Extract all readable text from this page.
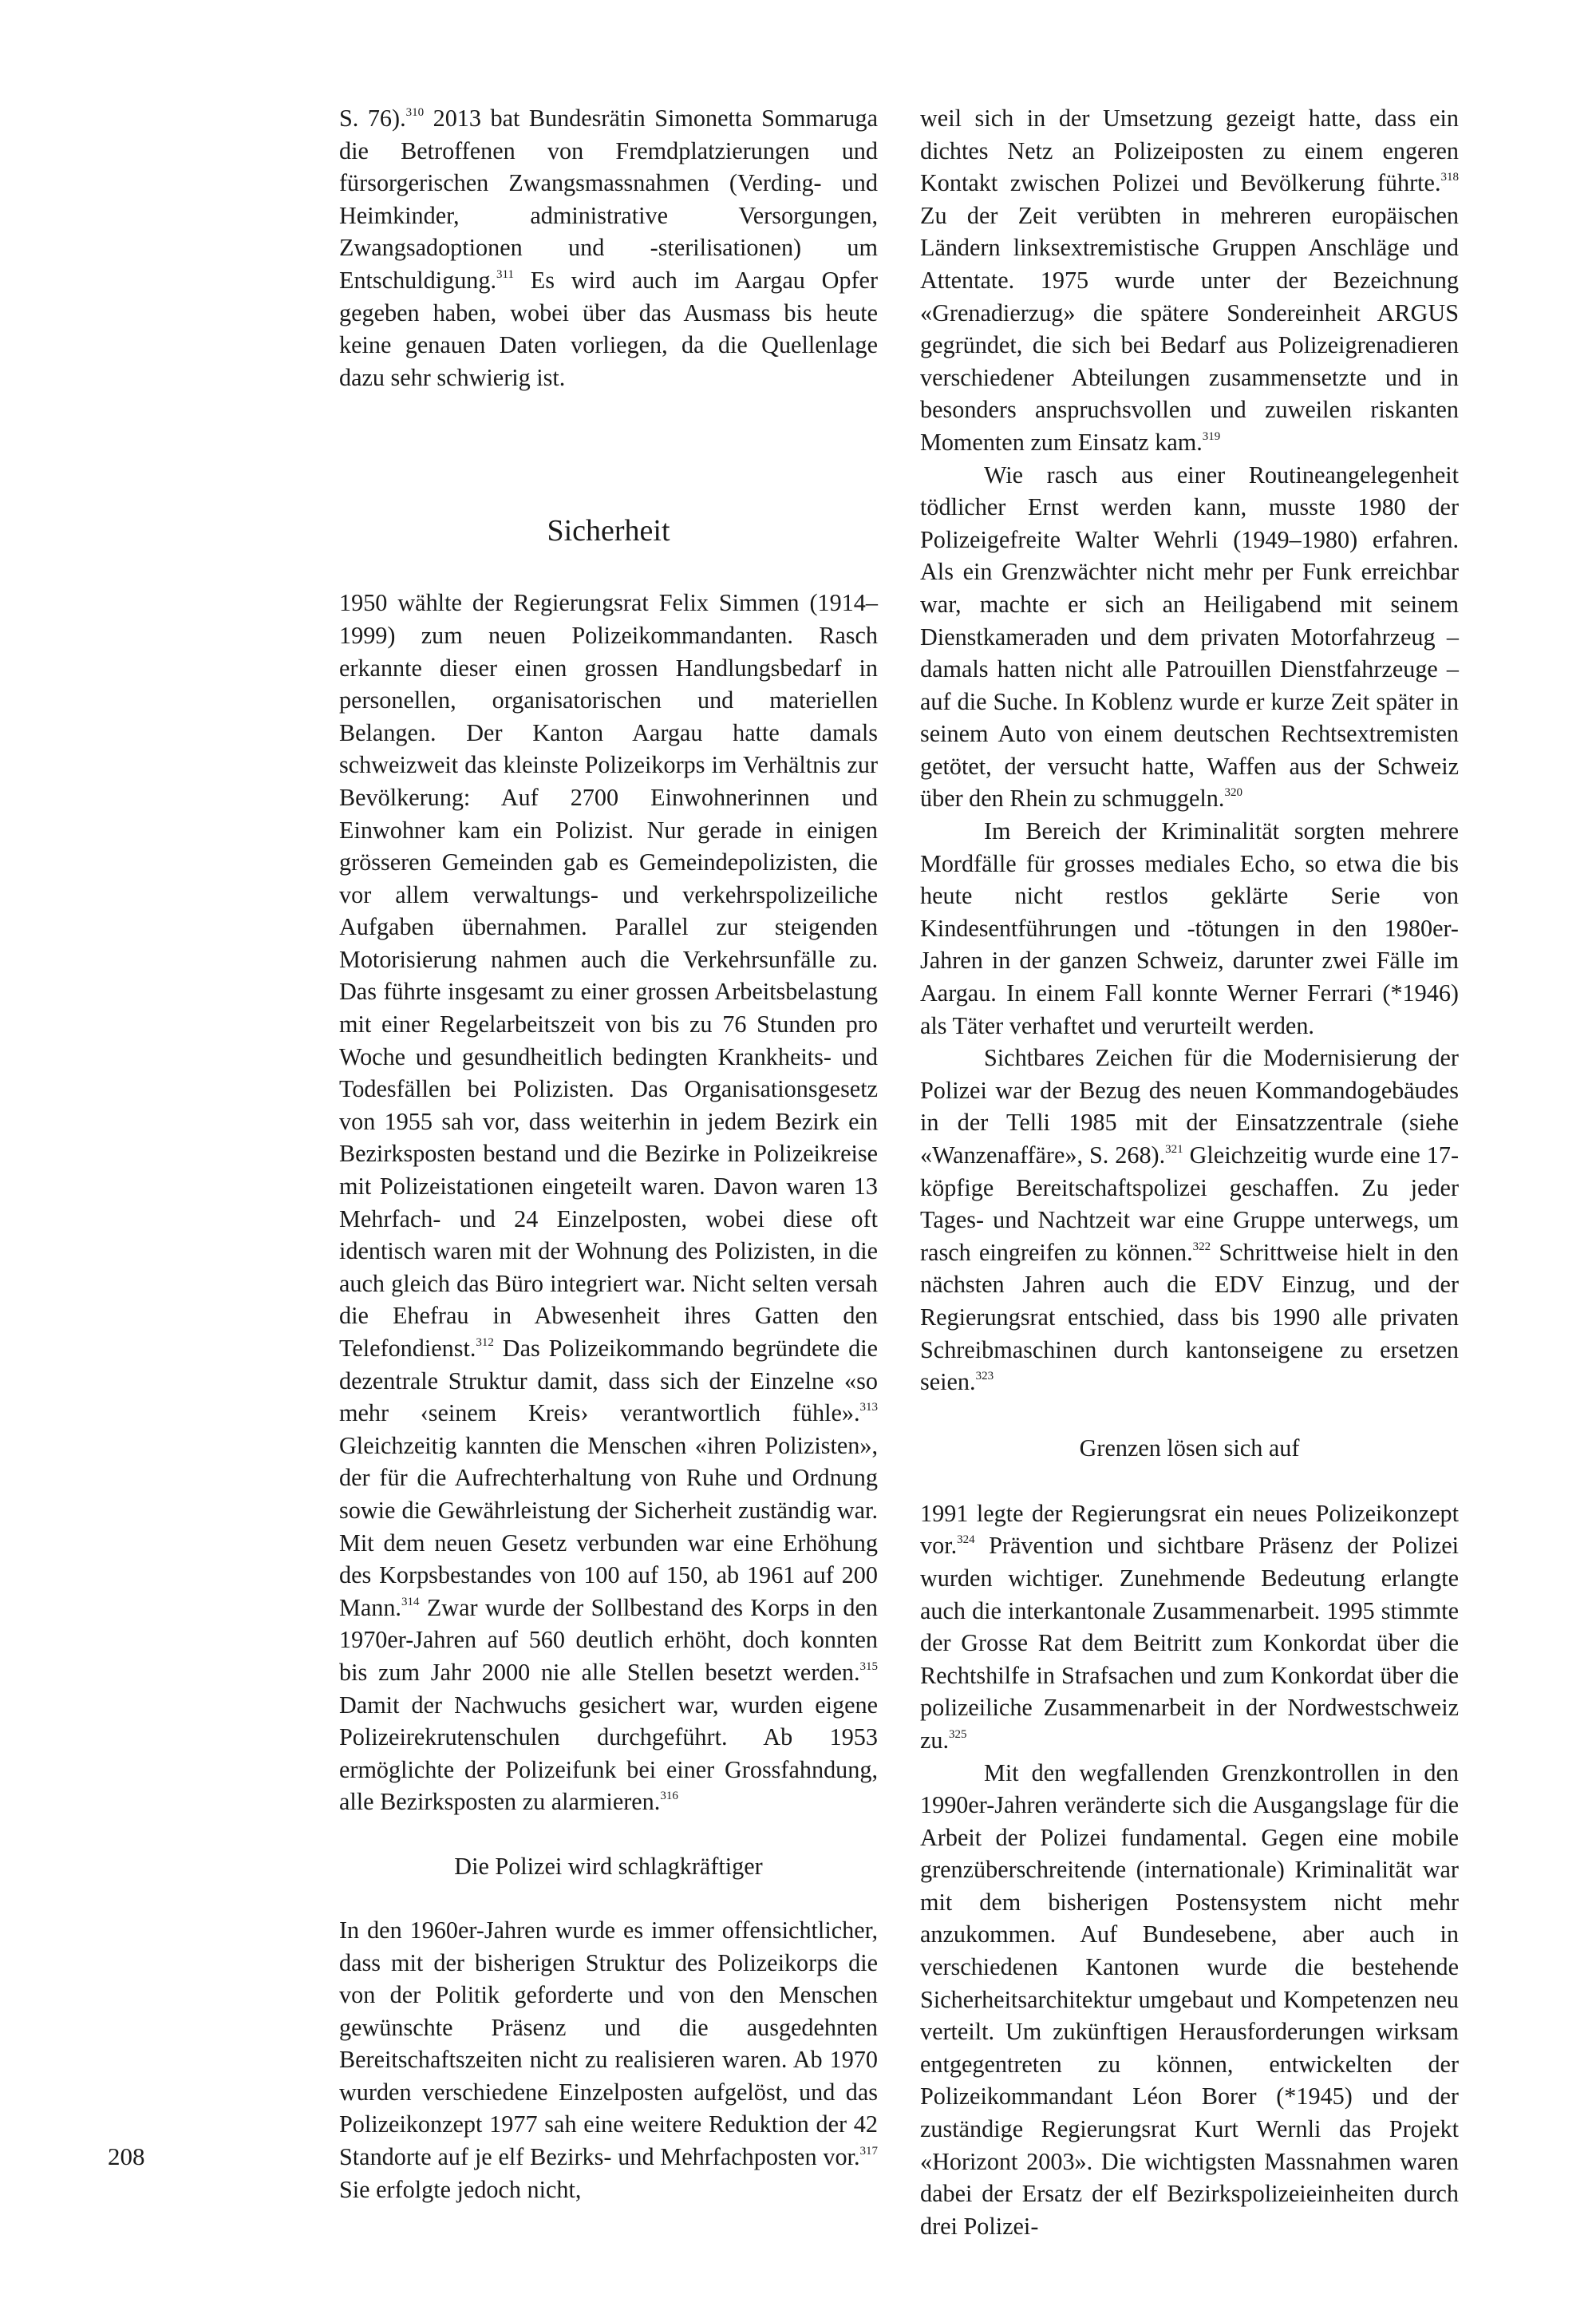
S. 76).$^{310}$ 2013 bat Bundesrätin Simonetta Sommaruga die Betroffenen von Fremdplatzierungen und fürsorgerischen Zwangsmassnahmen (Verding- und Heimkinder, administrative Versorgungen, Zwangsadoptionen und -sterilisationen) um Entschuldigung.$^{311}$ Es wird auch im Aargau Opfer gegeben haben, wobei über das Ausmass bis heute keine genauen Daten vorliegen, da die Quellenlage dazu sehr schwierig ist.

Sicherheit

1950 wählte der Regierungsrat Felix Simmen (1914–1999) zum neuen Polizeikommandanten. Rasch erkannte dieser einen grossen Handlungsbedarf in personellen, organisatorischen und materiellen Belangen. Der Kanton Aargau hatte damals schweizweit das kleinste Polizeikorps im Verhältnis zur Bevölkerung: Auf 2700 Einwohnerinnen und Einwohner kam ein Polizist. Nur gerade in einigen grösseren Gemeinden gab es Gemeindepolizisten, die vor allem verwaltungs- und verkehrspolizeiliche Aufgaben übernahmen. Parallel zur steigenden Motorisierung nahmen auch die Verkehrsunfälle zu. Das führte insgesamt zu einer grossen Arbeitsbelastung mit einer Regelarbeitszeit von bis zu 76 Stunden pro Woche und gesundheitlich bedingten Krankheits- und Todesfällen bei Polizisten. Das Organisationsgesetz von 1955 sah vor, dass weiterhin in jedem Bezirk ein Bezirksposten bestand und die Bezirke in Polizeikreise mit Polizeistationen eingeteilt waren. Davon waren 13 Mehrfach- und 24 Einzelposten, wobei diese oft identisch waren mit der Wohnung des Polizisten, in die auch gleich das Büro integriert war. Nicht selten versah die Ehefrau in Abwesenheit ihres Gatten den Telefondienst.$^{312}$ Das Polizeikommando begründete die dezentrale Struktur damit, dass sich der Einzelne «so mehr ‹seinem Kreis› verantwortlich fühle».$^{313}$ Gleichzeitig kannten die Menschen «ihren Polizisten», der für die Aufrechterhaltung von Ruhe und Ordnung sowie die Gewährleistung der Sicherheit zuständig war. Mit dem neuen Gesetz verbunden war eine Erhöhung des Korpsbestandes von 100 auf 150, ab 1961 auf 200 Mann.$^{314}$ Zwar wurde der Sollbestand des Korps in den 1970er-Jahren auf 560 deutlich erhöht, doch konnten bis zum Jahr 2000 nie alle Stellen besetzt werden.$^{315}$ Damit der Nachwuchs gesichert war, wurden eigene Polizeirekrutenschulen durchgeführt. Ab 1953 ermöglichte der Polizeifunk bei einer Grossfahndung, alle Bezirksposten zu alarmieren.$^{316}$

Die Polizei wird schlagkräftiger

In den 1960er-Jahren wurde es immer offensichtlicher, dass mit der bisherigen Struktur des Polizeikorps die von der Politik geforderte und von den Menschen gewünschte Präsenz und die ausgedehnten Bereitschaftszeiten nicht zu realisieren waren. Ab 1970 wurden verschiedene Einzelposten aufgelöst, und das Polizeikonzept 1977 sah eine weitere Reduktion der 42 Standorte auf je elf Bezirks- und Mehrfachposten vor.$^{317}$ Sie erfolgte jedoch nicht,

weil sich in der Umsetzung gezeigt hatte, dass ein dichtes Netz an Polizeiposten zu einem engeren Kontakt zwischen Polizei und Bevölkerung führte.$^{318}$ Zu der Zeit verübten in mehreren europäischen Ländern linksextremistische Gruppen Anschläge und Attentate. 1975 wurde unter der Bezeichnung «Grenadierzug» die spätere Sondereinheit ARGUS gegründet, die sich bei Bedarf aus Polizeigrenadieren verschiedener Abteilungen zusammensetzte und in besonders anspruchsvollen und zuweilen riskanten Momenten zum Einsatz kam.$^{319}$

Wie rasch aus einer Routineangelegenheit tödlicher Ernst werden kann, musste 1980 der Polizeigefreite Walter Wehrli (1949–1980) erfahren. Als ein Grenzwächter nicht mehr per Funk erreichbar war, machte er sich an Heiligabend mit seinem Dienstkameraden und dem privaten Motorfahrzeug – damals hatten nicht alle Patrouillen Dienstfahrzeuge – auf die Suche. In Koblenz wurde er kurze Zeit später in seinem Auto von einem deutschen Rechtsextremisten getötet, der versucht hatte, Waffen aus der Schweiz über den Rhein zu schmuggeln.$^{320}$

Im Bereich der Kriminalität sorgten mehrere Mordfälle für grosses mediales Echo, so etwa die bis heute nicht restlos geklärte Serie von Kindesentführungen und -tötungen in den 1980er-Jahren in der ganzen Schweiz, darunter zwei Fälle im Aargau. In einem Fall konnte Werner Ferrari (*1946) als Täter verhaftet und verurteilt werden.

Sichtbares Zeichen für die Modernisierung der Polizei war der Bezug des neuen Kommandogebäudes in der Telli 1985 mit der Einsatzzentrale (siehe «Wanzenaffäre», S. 268).$^{321}$ Gleichzeitig wurde eine 17-köpfige Bereitschaftspolizei geschaffen. Zu jeder Tages- und Nachtzeit war eine Gruppe unterwegs, um rasch eingreifen zu können.$^{322}$ Schrittweise hielt in den nächsten Jahren auch die EDV Einzug, und der Regierungsrat entschied, dass bis 1990 alle privaten Schreibmaschinen durch kantonseigene zu ersetzen seien.$^{323}$

Grenzen lösen sich auf

1991 legte der Regierungsrat ein neues Polizeikonzept vor.$^{324}$ Prävention und sichtbare Präsenz der Polizei wurden wichtiger. Zunehmende Bedeutung erlangte auch die interkantonale Zusammenarbeit. 1995 stimmte der Grosse Rat dem Beitritt zum Konkordat über die Rechtshilfe in Strafsachen und zum Konkordat über die polizeiliche Zusammenarbeit in der Nordwestschweiz zu.$^{325}$

Mit den wegfallenden Grenzkontrollen in den 1990er-Jahren veränderte sich die Ausgangslage für die Arbeit der Polizei fundamental. Gegen eine mobile grenzüberschreitende (internationale) Kriminalität war mit dem bisherigen Postensystem nicht mehr anzukommen. Auf Bundesebene, aber auch in verschiedenen Kantonen wurde die bestehende Sicherheitsarchitektur umgebaut und Kompetenzen neu verteilt. Um zukünftigen Herausforderungen wirksam entgegentreten zu können, entwickelten der Polizeikommandant Léon Borer (*1945) und der zuständige Regierungsrat Kurt Wernli das Projekt «Horizont 2003». Die wichtigsten Massnahmen waren dabei der Ersatz der elf Bezirkspolizeieinheiten durch drei Polizei-

208
